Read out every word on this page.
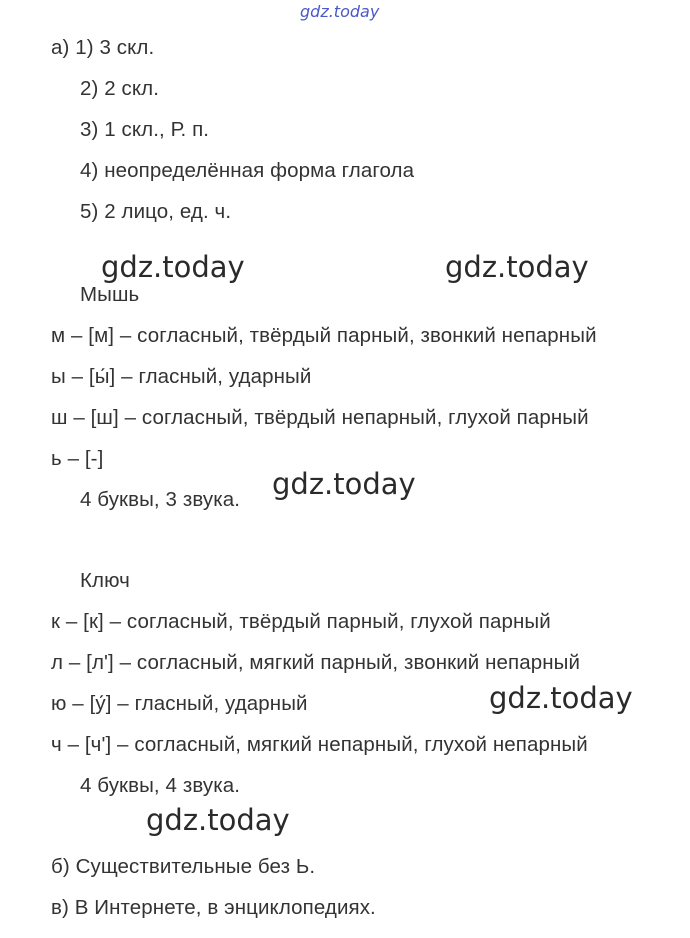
gdz.today
а) 1) 3 скл.
2) 2 скл.
3) 1 скл., Р. п.
4) неопределённая форма глагола
5) 2 лицо, ед. ч.
gdz.today	gdz.today
Мышь
м – [м] – согласный, твёрдый парный, звонкий непарный
ы – [ы́] – гласный, ударный
ш – [ш] – согласный, твёрдый непарный, глухой парный
ь – [-]
gdz.today
4 буквы, 3 звука.
Ключ
к – [к] – согласный, твёрдый парный, глухой парный
л – [л'] – согласный, мягкий парный, звонкий непарный
ю – [у́] – гласный, ударный	gdz.today
ч – [ч'] – согласный, мягкий непарный, глухой непарный
4 буквы, 4 звука.
gdz.today
б) Существительные без Ь.
в) В Интернете, в энциклопедиях.
